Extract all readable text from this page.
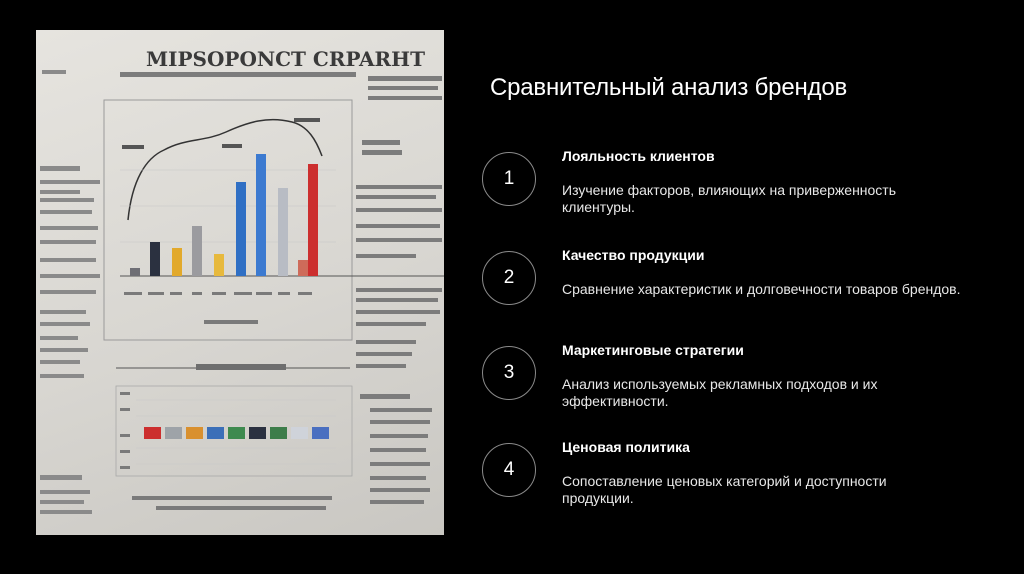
MIPSOPONCT CRPARHT
Сравнительный анализ брендов
1
Лояльность клиентов
Изучение факторов, влияющих на приверженность клиентуры.
2
Качество продукции
Сравнение характеристик и долговечности товаров брендов.
3
Маркетинговые стратегии
Анализ используемых рекламных подходов и их эффективности.
4
Ценовая политика
Сопоставление ценовых категорий и доступности продукции.
